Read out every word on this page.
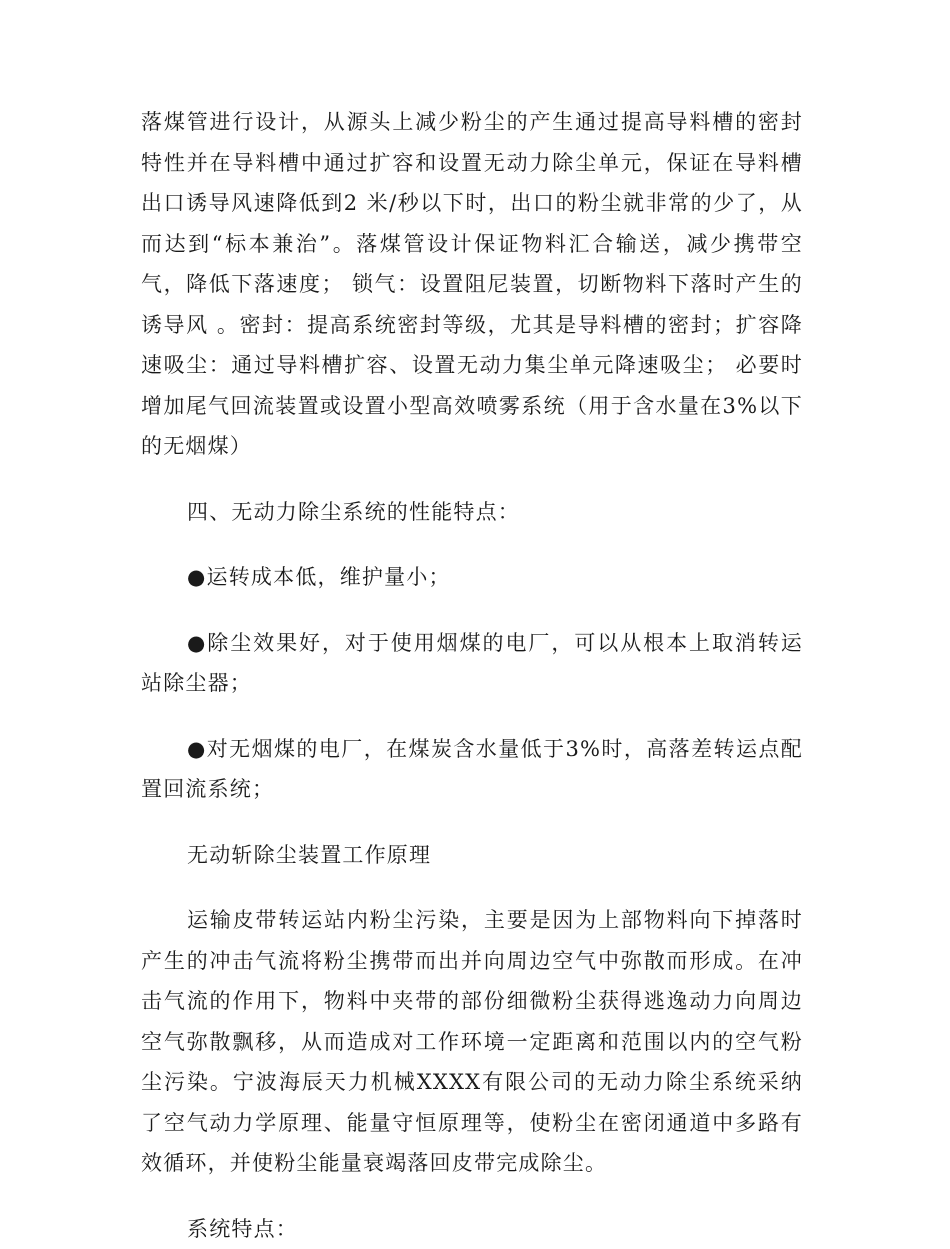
落煤管进行设计，从源头上减少粉尘的产生通过提高导料槽的密封特性并在导料槽中通过扩容和设置无动力除尘单元，保证在导料槽出口诱导风速降低到2 米/秒以下时，出口的粉尘就非常的少了，从而达到“标本兼治”。落煤管设计保证物料汇合输送，减少携带空气，降低下落速度； 锁气：设置阻尼装置，切断物料下落时产生的诱导风 。密封：提高系统密封等级，尤其是导料槽的密封；扩容降速吸尘：通过导料槽扩容、设置无动力集尘单元降速吸尘； 必要时增加尾气回流装置或设置小型高效喷雾系统（用于含水量在3%以下的无烟煤）

四、无动力除尘系统的性能特点：

●运转成本低，维护量小；

●除尘效果好，对于使用烟煤的电厂，可以从根本上取消转运站除尘器；

●对无烟煤的电厂，在煤炭含水量低于3%时，高落差转运点配置回流系统；

无动斩除尘装置工作原理

运输皮带转运站内粉尘污染，主要是因为上部物料向下掉落时产生的冲击气流将粉尘携带而出并向周边空气中弥散而形成。在冲击气流的作用下，物料中夹带的部份细微粉尘获得逃逸动力向周边空气弥散飘移，从而造成对工作环境一定距离和范围以内的空气粉尘污染。宁波海辰天力机械XXXX有限公司的无动力除尘系统采纳了空气动力学原理、能量守恒原理等，使粉尘在密闭通道中多路有效循环，并使粉尘能量衰竭落回皮带完成除尘。

系统特点：
